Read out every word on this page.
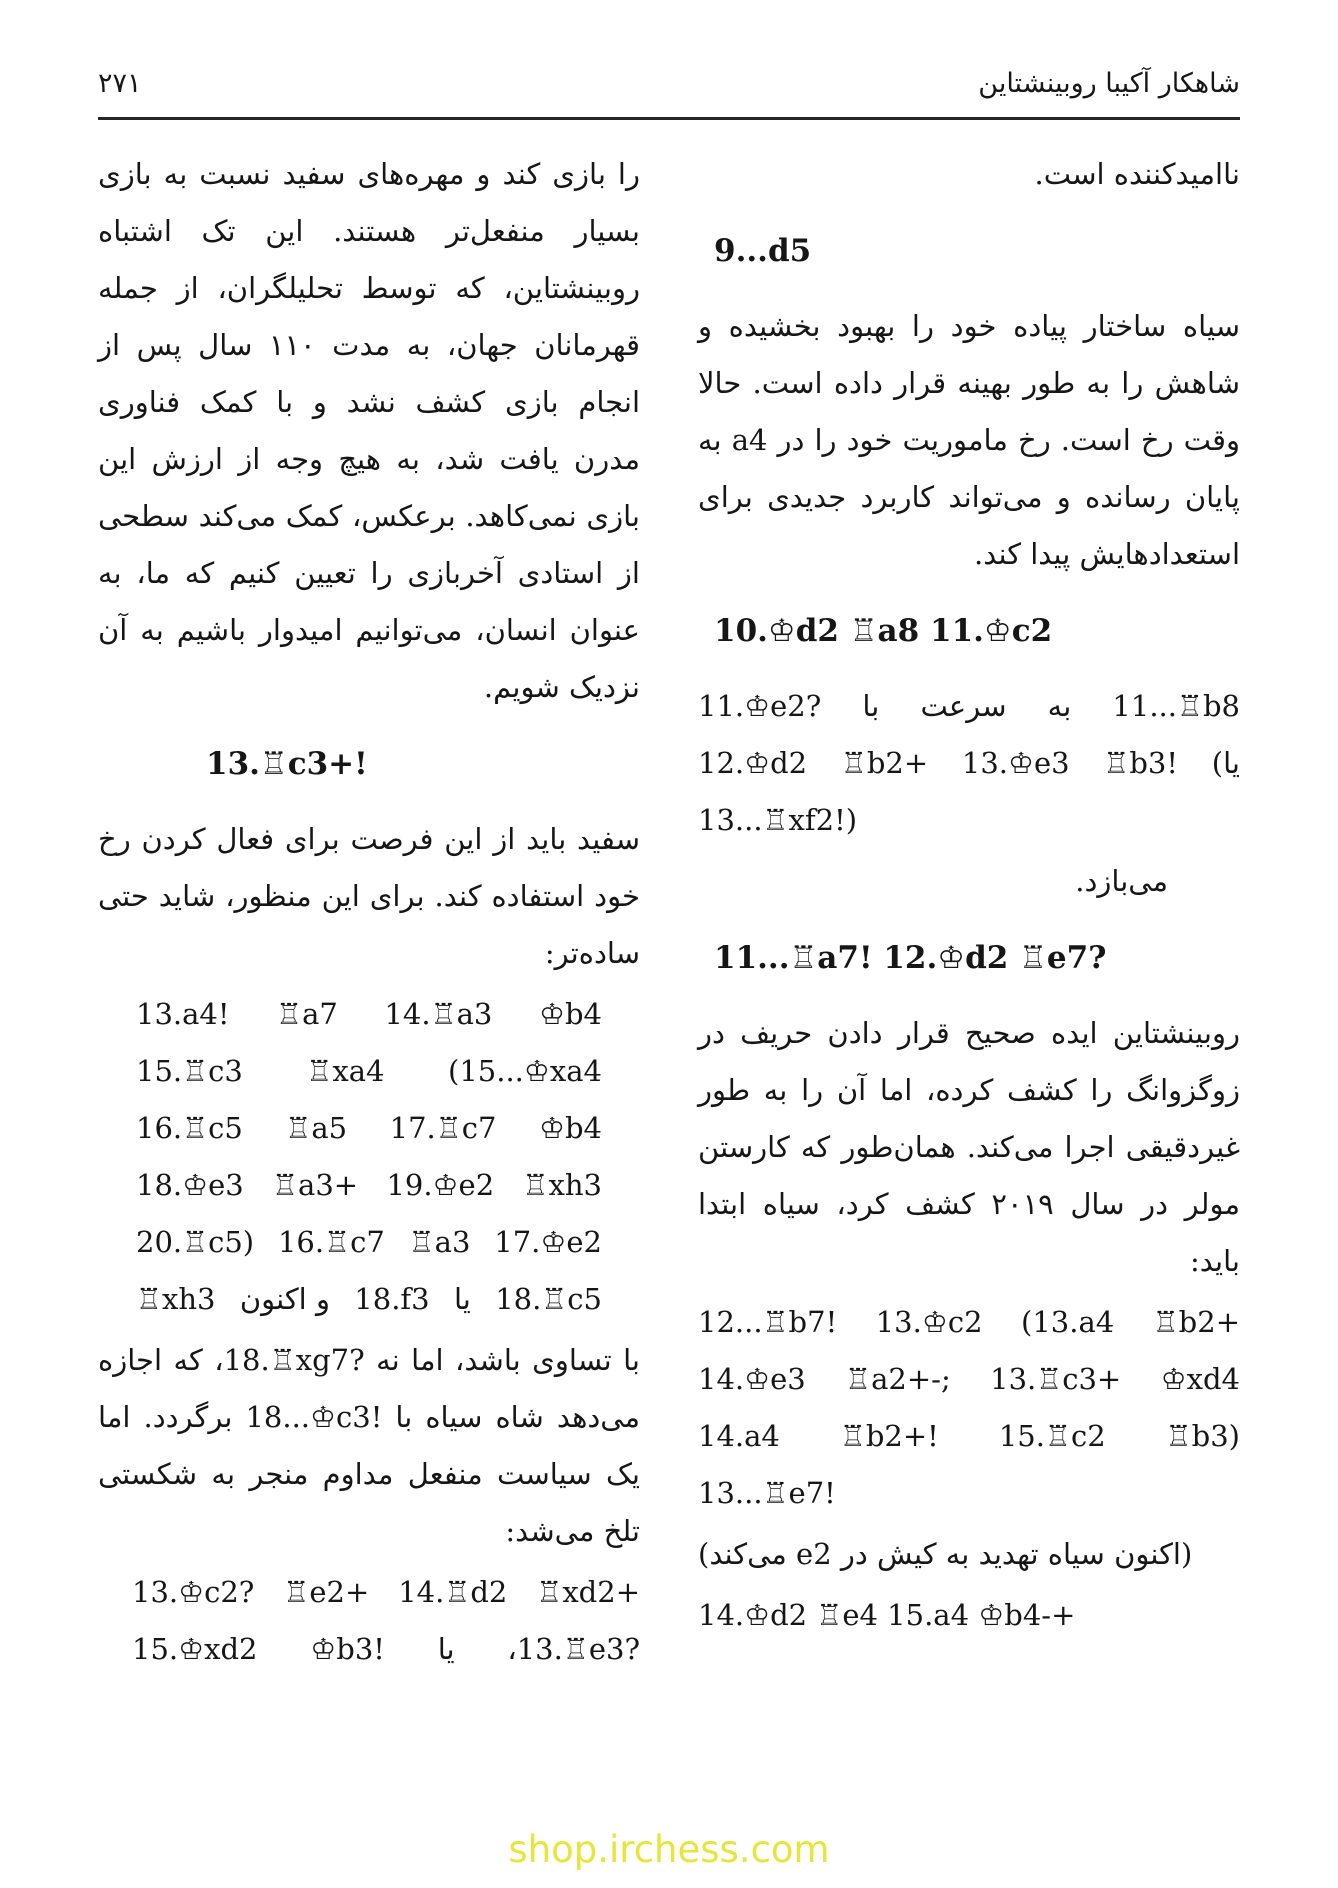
۲۷۱	شاهکار آکیبا روبینشتاین

ناامیدکننده است.

9...d5

سیاه ساختار پیاده خود را بهبود بخشیده و شاهش را به طور بهینه قرار داده است. حالا وقت رخ است. رخ ماموریت خود را در a4 به پایان رسانده و می‌تواند کاربرد جدیدی برای استعدادهایش پیدا کند.

10.♔d2 ♖a8 11.♔c2
11...♖b8
به
سرعت
با
11.♔e2?
12.♔d2 ♖b2+ 13.♔e3 ♖b3! (یا
13...♖xf2!)

می‌بازد.

11...♖a7! 12.♔d2 ♖e7?

روبینشتاین ایده صحیح قرار دادن حریف در زوگزوانگ را کشف کرده، اما آن را به طور غیردقیقی اجرا می‌کند. همان‌طور که کارستن مولر در سال ۲۰۱۹ کشف کرد، سیاه ابتدا باید:

12...♖b7! 13.♔c2 (13.a4 ♖b2+
14.♔e3 ♖a2+-; 13.♖c3+ ♔xd4
14.a4 ♖b2+! 15.♖c2 ♖b3)
13...♖e7!

(اکنون سیاه تهدید به کیش در e2 می‌کند)

14.♔d2 ♖e4 15.a4 ♔b4-+

را بازی کند و مهره‌های سفید نسبت به بازی بسیار منفعل‌تر هستند. این تک اشتباه روبینشتاین، که توسط تحلیلگران، از جمله قهرمانان جهان، به مدت ۱۱۰ سال پس از انجام بازی کشف نشد و با کمک فناوری مدرن یافت شد، به هیچ وجه از ارزش این بازی نمی‌کاهد. برعکس، کمک می‌کند سطحی از استادی آخربازی را تعیین کنیم که ما، به عنوان انسان، می‌توانیم امیدوار باشیم به آن نزدیک شویم.

13.♖c3+!

سفید باید از این فرصت برای فعال کردن رخ خود استفاده کند. برای این منظور، شاید حتی ساده‌تر:

13.a4! ♖a7 14.♖a3 ♔b4
15.♖c3 ♖xa4 (15...♔xa4
16.♖c5 ♖a5 17.♖c7 ♔b4
18.♔e3 ♖a3+ 19.♔e2 ♖xh3
20.♖c5) 16.♖c7 ♖a3 17.♔e2
18.♖c5
یا
18.f3
و اکنون
♖xh3

با تساوی باشد، اما نه ⁦18.♖xg7?⁩، که اجازه می‌دهد شاه سیاه با ⁦18...♔c3!⁩ برگردد. اما یک سیاست منفعل مداوم منجر به شکستی تلخ می‌شد:

13.♔c2? ♖e2+ 14.♖d2 ♖xd2+
،13.♖e3?
یا
♔b3!
15.♔xd2
shop.irchess.com
